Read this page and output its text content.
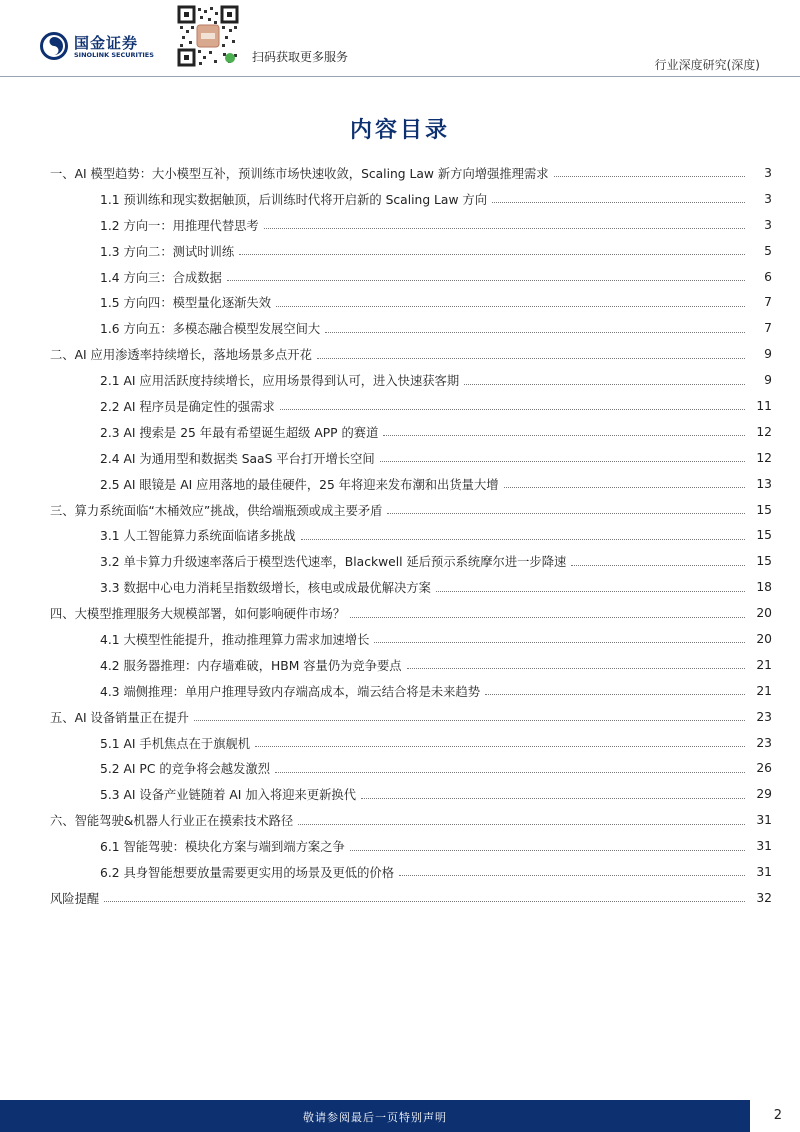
国金证券
SINOLINK SECURITIES	扫码获取更多服务
行业深度研究(深度)
内容目录
一、AI 模型趋势：大小模型互补，预训练市场快速收敛，Scaling Law 新方向增强推理需求	3
1.1 预训练和现实数据触顶，后训练时代将开启新的 Scaling Law 方向	3
1.2 方向一：用推理代替思考	3
1.3 方向二：测试时训练	5
1.4 方向三：合成数据	6
1.5 方向四：模型量化逐渐失效	7
1.6 方向五：多模态融合模型发展空间大	7
二、AI 应用渗透率持续增长，落地场景多点开花	9
2.1 AI 应用活跃度持续增长，应用场景得到认可，进入快速获客期	9
2.2 AI 程序员是确定性的强需求	11
2.3 AI 搜索是 25 年最有希望诞生超级 APP 的赛道	12
2.4 AI 为通用型和数据类 SaaS 平台打开增长空间	12
2.5 AI 眼镜是 AI 应用落地的最佳硬件，25 年将迎来发布潮和出货量大增	13
三、算力系统面临“木桶效应”挑战，供给端瓶颈或成主要矛盾	15
3.1 人工智能算力系统面临诸多挑战	15
3.2 单卡算力升级速率落后于模型迭代速率，Blackwell 延后预示系统摩尔进一步降速	15
3.3 数据中心电力消耗呈指数级增长，核电或成最优解决方案	18
四、大模型推理服务大规模部署，如何影响硬件市场？	20
4.1 大模型性能提升，推动推理算力需求加速增长	20
4.2 服务器推理：内存墙难破，HBM 容量仍为竞争要点	21
4.3 端侧推理：单用户推理导致内存端高成本，端云结合将是未来趋势	21
五、AI 设备销量正在提升	23
5.1 AI 手机焦点在于旗舰机	23
5.2 AI PC 的竞争将会越发激烈	26
5.3 AI 设备产业链随着 AI 加入将迎来更新换代	29
六、智能驾驶&机器人行业正在摸索技术路径	31
6.1 智能驾驶：模块化方案与端到端方案之争	31
6.2 具身智能想要放量需要更实用的场景及更低的价格	31
风险提醒	32
敬请参阅最后一页特别声明	2
